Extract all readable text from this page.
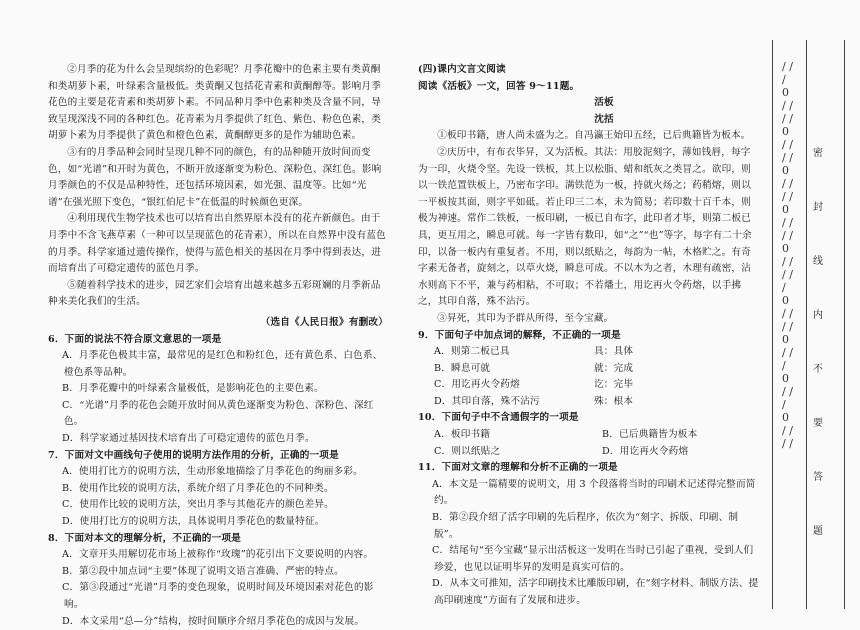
②月季的花为什么会呈现缤纷的色彩呢？月季花瓣中的色素主要有类黄酮和类胡萝卜素，叶绿素含量极低。类黄酮又包括花青素和黄酮醇等。影响月季花色的主要是花青素和类胡萝卜素。不同品种月季中色素种类及含量不同，导致呈现深浅不同的各种红色。花青素为月季提供了红色、紫色、粉色色素，类胡萝卜素为月季提供了黄色和橙色色素，黄酮醇更多的是作为辅助色素。

③有的月季品种会同时呈现几种不同的颜色，有的品种随开放时间而变色，如“光谱”和开时为黄色，不断开放逐渐变为粉色、深粉色、深红色。影响月季颜色的不仅是品种特性，还包括环境因素，如光强、温度等。比如“光谱”在强光照下变色，“银红伯尼卡”在低温的时候颜色更深。

④利用现代生物学技术也可以培育出自然界原本没有的花卉新颜色。由于月季中不含飞燕草素（一种可以呈现蓝色的花青素），所以在自然界中没有蓝色的月季。科学家通过遗传操作，使得与蓝色相关的基因在月季中得到表达，进而培育出了可稳定遗传的蓝色月季。

⑤随着科学技术的进步，园艺家们会培育出越来越多五彩斑斓的月季新品种来美化我们的生活。

（选自《人民日报》有删改）

6．下面的说法不符合原文意思的一项是

A．月季花色极其丰富，最常见的是红色和粉红色，还有黄色系、白色系、橙色系等品种。

B．月季花瓣中的叶绿素含量极低，是影响花色的主要色素。

C．“光谱”月季的花色会随开放时间从黄色逐渐变为粉色、深粉色、深红色。

D．科学家通过基因技术培育出了可稳定遗传的蓝色月季。

7．下面对文中画线句子使用的说明方法作用的分析，正确的一项是

A．使用打比方的说明方法，生动形象地描绘了月季花色的绚丽多彩。

B．使用作比较的说明方法，系统介绍了月季花色的不同种类。

C．使用作比较的说明方法，突出月季与其他花卉的颜色差异。

D．使用打比方的说明方法，具体说明月季花色的数量特征。

8．下面对本文的理解分析，不正确的一项是

A．文章开头用解切花市场上被称作“玫瑰”的花引出下文要说明的内容。

B．第②段中加点词“主要”体现了说明文语言准确、严密的特点。

C．第③段通过“光谱”月季的变色现象，说明时间及环境因素对花色的影响。

D．本文采用“总—分”结构，按时间顺序介绍月季花色的成因与发展。

(四)课内文言文阅读

阅读《活板》一文，回答 9～11题。

活板

沈括

①板印书籍，唐人尚未盛为之。自冯瀛王始印五经，已后典籍皆为板本。

②庆历中，有布衣毕昇，又为活板。其法：用胶泥刻字，薄如钱唇，每字为一印，火烧令坚。先设一铁板，其上以松脂、蜡和纸灰之类冒之。欲印，则以一铁范置铁板上，乃密布字印。满铁范为一板，持就火炀之；药稍熔，则以一平板按其面，则字平如砥。若止印三二本，未为简易；若印数十百千本，则极为神速。常作二铁板，一板印刷，一板已自布字，此印者才毕，则第二板已具，更互用之，瞬息可就。每一字皆有数印，如“之”“也”等字，每字有二十余印，以备一板内有重复者。不用，则以纸贴之，每韵为一帖，木格贮之。有奇字素无备者，旋刻之，以草火烧，瞬息可成。不以木为之者，木理有疏密，沾水则高下不平，兼与药相粘，不可取；不若燔土，用讫再火令药熔，以手拂之，其印自落，殊不沾污。

③昇死，其印为予群从所得，至今宝藏。

9．下面句子中加点词的解释，不正确的一项是

A．则第二板已具	具：具体
B．瞬息可就	就：完成
C．用讫再火令药熔	讫：完毕
D．其印自落，殊不沾污	殊：根本

10．下面句子中不含通假字的一项是

A．板印书籍	B．已后典籍皆为板本
C．则以纸贴之	D．用讫再火令药熔

11．下面对文章的理解和分析不正确的一项是

A．本文是一篇精要的说明文，用 3 个段落将当时的印刷术记述得完整而简约。

B．第②段介绍了活字印刷的先后程序，依次为“刻字、拆版、印刷、制版”。

C．结尾句“至今宝藏”显示出活板这一发明在当时已引起了重视，受到人们珍爱，也见以证明毕昇的发明是真实可信的。

D．从本文可推知，活字印刷技术比雕版印刷，在“刻字材料、制版方法、提高印刷速度”方面有了发展和进步。

密
封
线
内
不
要
答
题
/ / / 0 / / / / 0 / / / / 0 / / / / 0 / / / / 0 / / / / / 0 / / / / 0 / / / 0 / / / 0 / / / /
